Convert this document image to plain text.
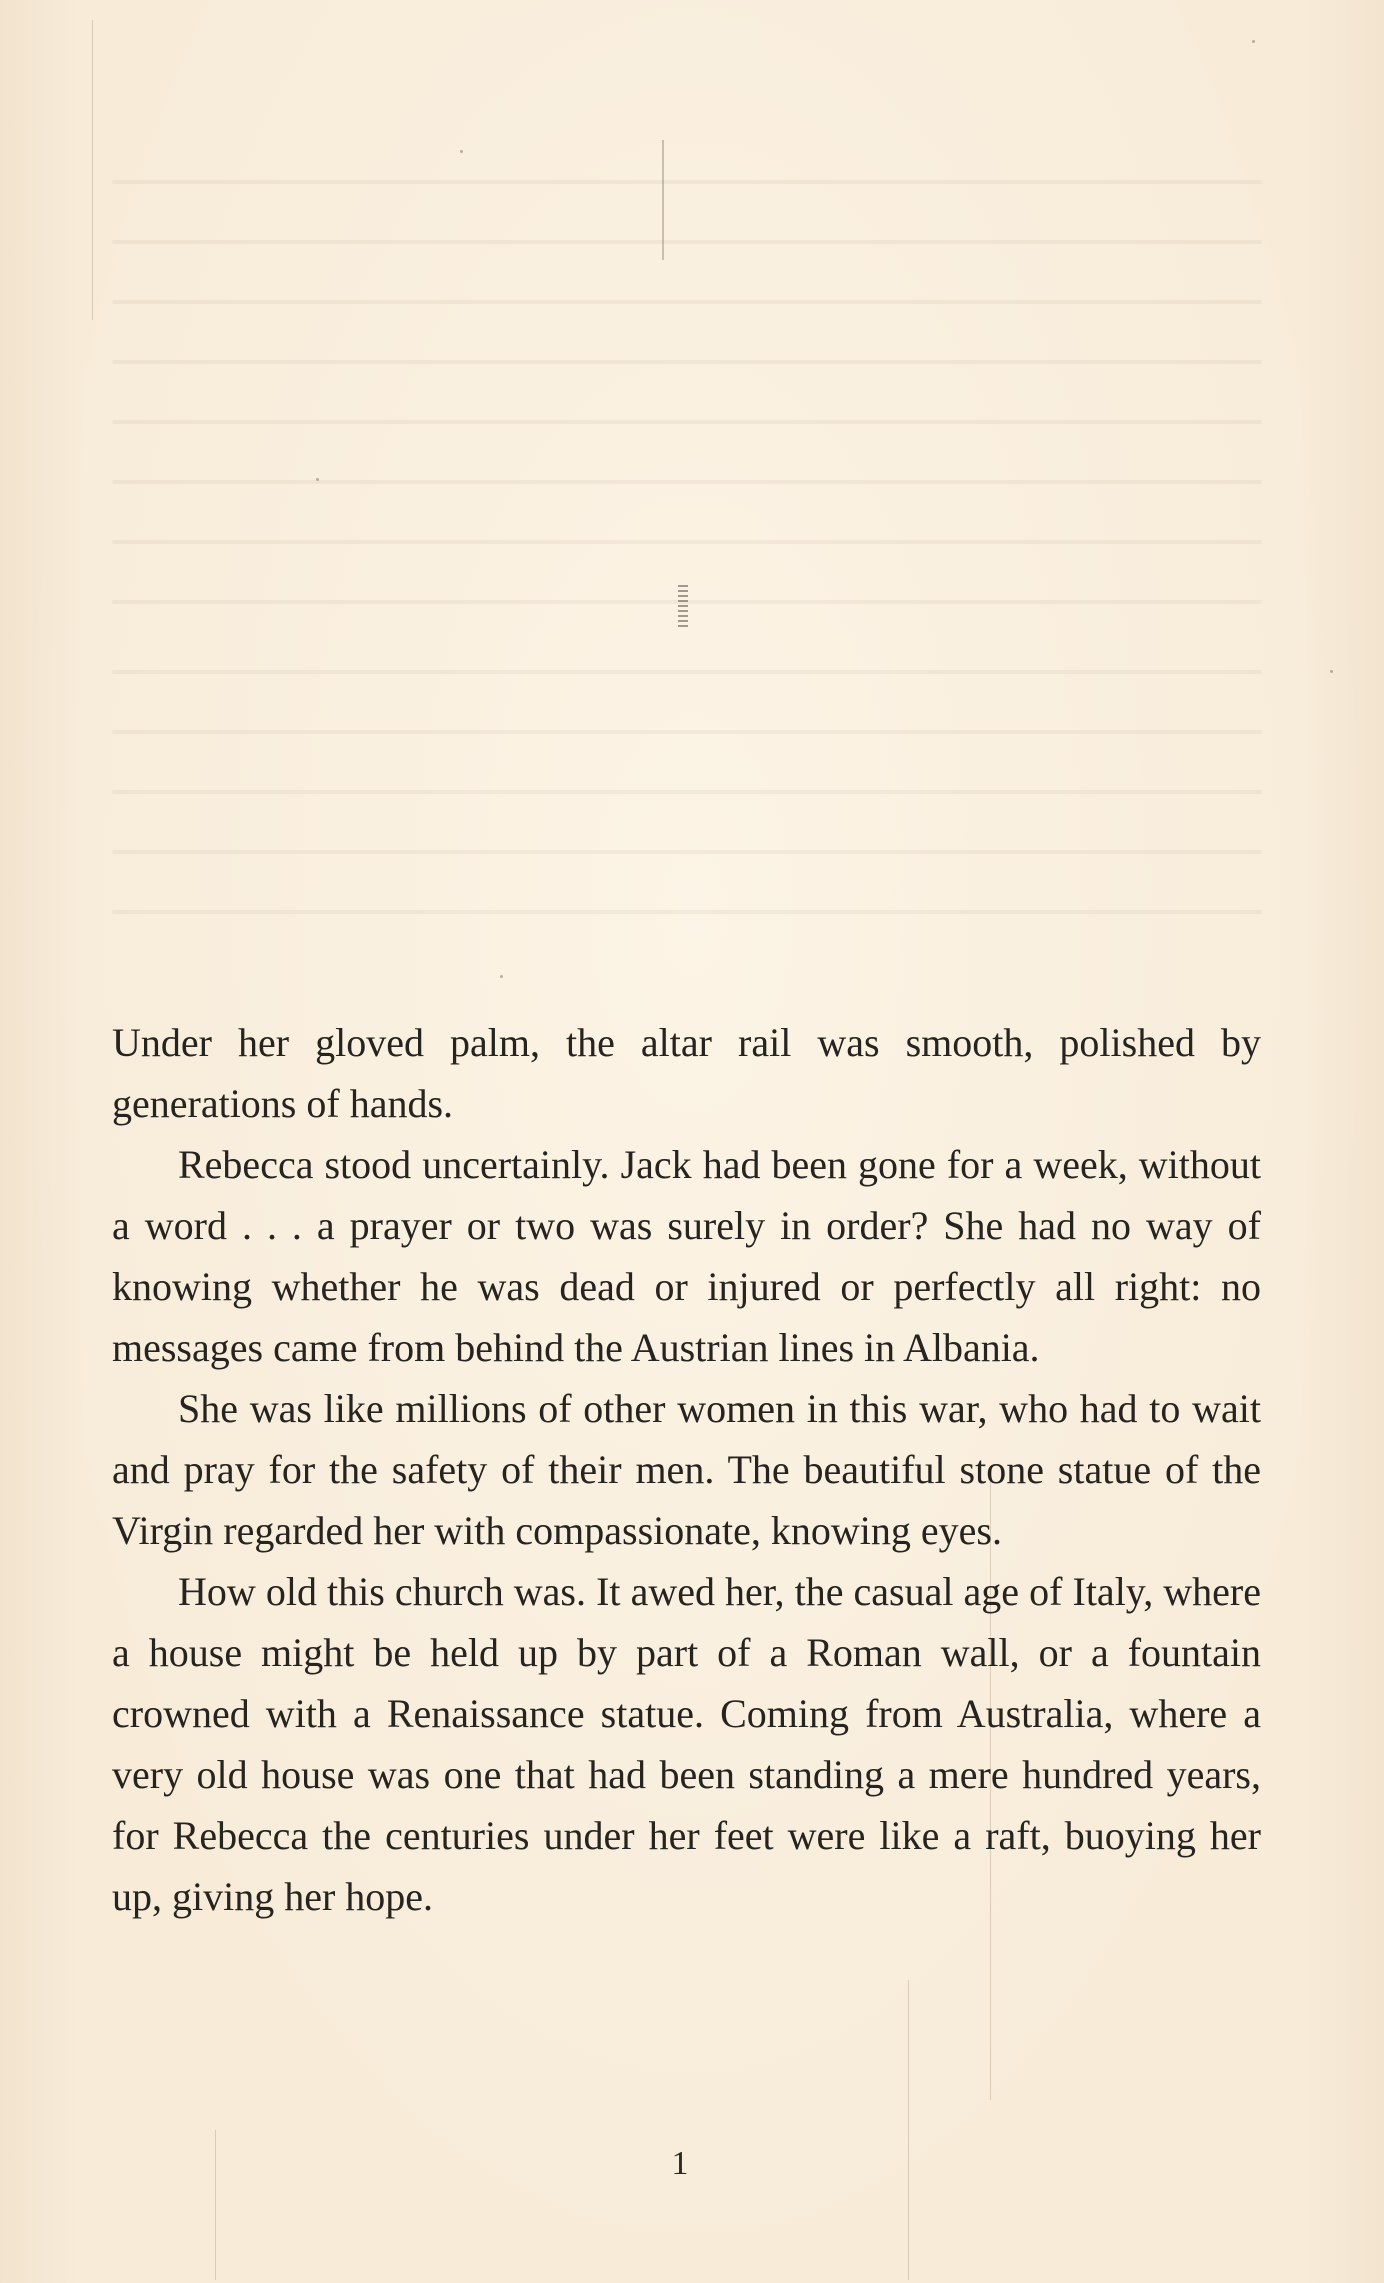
Under her gloved palm, the altar rail was smooth, polished by generations of hands.

Rebecca stood uncertainly. Jack had been gone for a week, without a word . . . a prayer or two was surely in order? She had no way of knowing whether he was dead or injured or perfectly all right: no messages came from behind the Austrian lines in Albania.

She was like millions of other women in this war, who had to wait and pray for the safety of their men. The beautiful stone statue of the Virgin regarded her with compassionate, knowing eyes.

How old this church was. It awed her, the casual age of Italy, where a house might be held up by part of a Roman wall, or a fountain crowned with a Renaissance statue. Coming from Australia, where a very old house was one that had been standing a mere hundred years, for Rebecca the centuries under her feet were like a raft, buoying her up, giving her hope.

1
